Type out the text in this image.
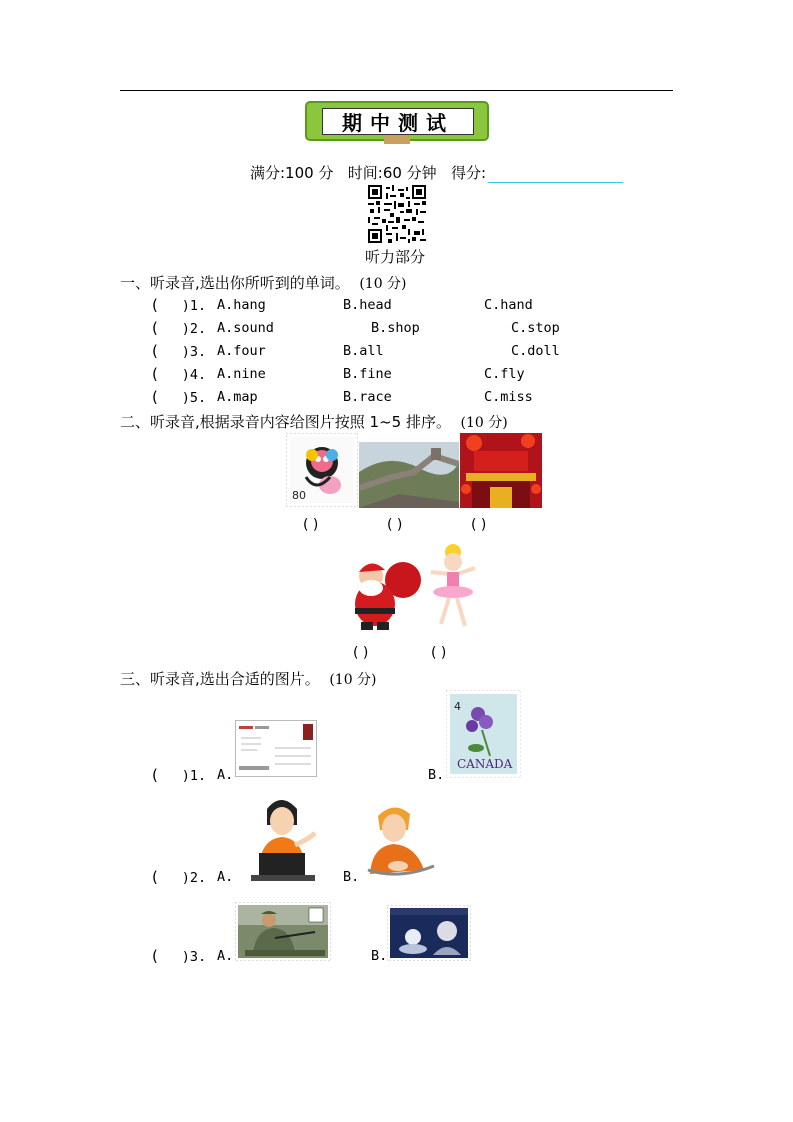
期中测试
满分:100 分 时间:60 分钟 得分:
听力部分
一、听录音,选出你所听到的单词。 (10 分)
(     )1. A.hang	B.head	C.hand
(     )2. A.sound	B.shop	C.stop
(     )3. A.four	B.all	C.doll
(     )4. A.nine	B.fine	C.fly
(     )5. A.map	B.race	C.miss
二、听录音,根据录音内容给图片按照 1~5 排序。 (10 分)
80
( )	( )	( )
( )	( )
三、听录音,选出合适的图片。 (10 分)
(     )1. A.	B.
4
CANADA
(     )2. A.	B.
(     )3. A.	B.
